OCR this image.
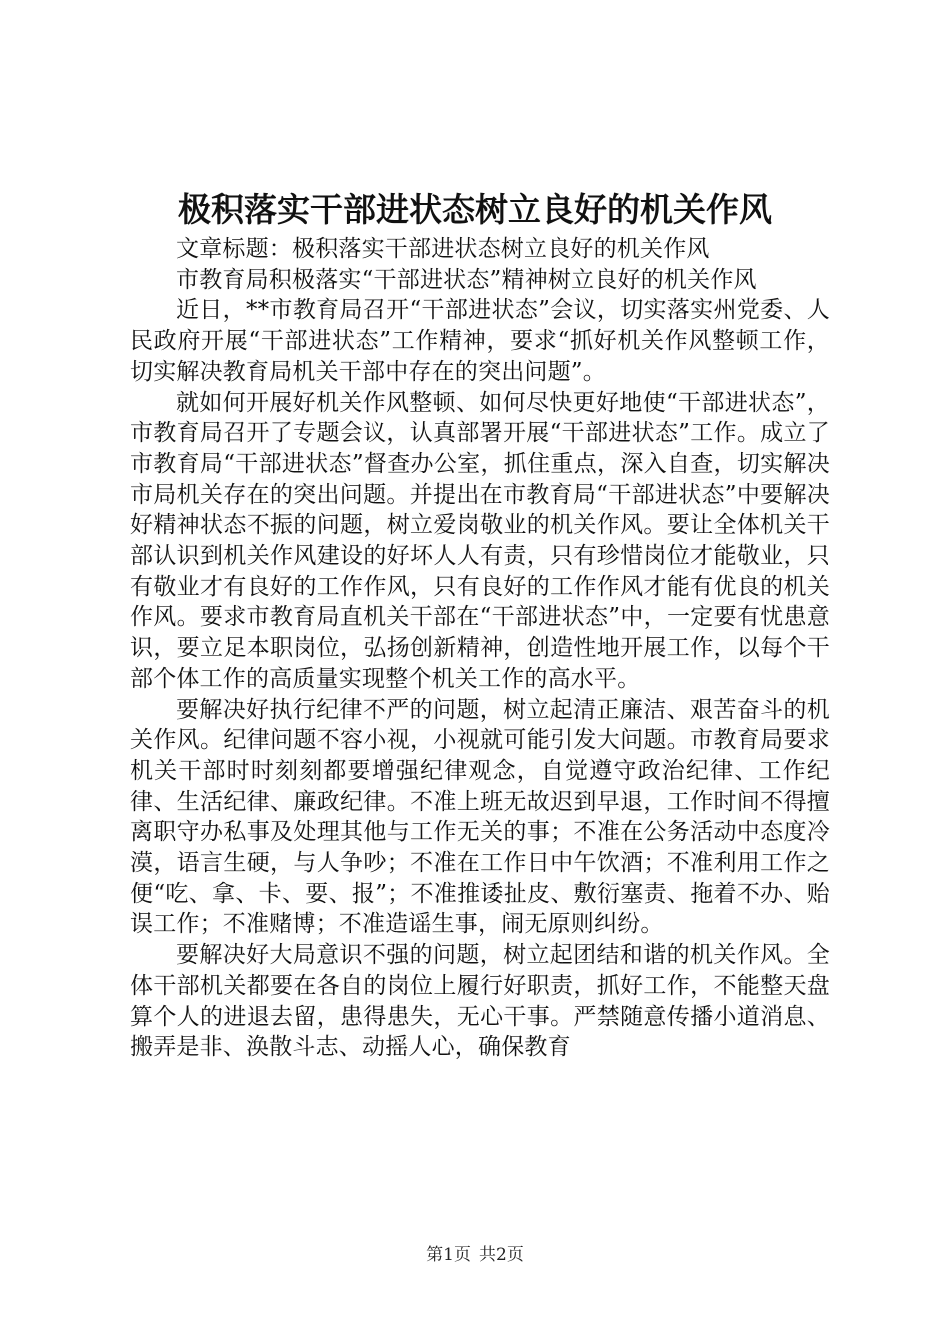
极积落实干部进状态树立良好的机关作风

文章标题：极积落实干部进状态树立良好的机关作风

市教育局积极落实“干部进状态”精神树立良好的机关作风

近日，**市教育局召开“干部进状态”会议，切实落实州党委、人民政府开展“干部进状态”工作精神，要求“抓好机关作风整顿工作，切实解决教育局机关干部中存在的突出问题”。

就如何开展好机关作风整顿、如何尽快更好地使“干部进状态”，市教育局召开了专题会议，认真部署开展“干部进状态”工作。成立了市教育局“干部进状态”督查办公室，抓住重点，深入自查，切实解决市局机关存在的突出问题。并提出在市教育局“干部进状态”中要解决好精神状态不振的问题，树立爱岗敬业的机关作风。要让全体机关干部认识到机关作风建设的好坏人人有责，只有珍惜岗位才能敬业，只有敬业才有良好的工作作风，只有良好的工作作风才能有优良的机关作风。要求市教育局直机关干部在“干部进状态”中，一定要有忧患意识，要立足本职岗位，弘扬创新精神，创造性地开展工作，以每个干部个体工作的高质量实现整个机关工作的高水平。

要解决好执行纪律不严的问题，树立起清正廉洁、艰苦奋斗的机关作风。纪律问题不容小视，小视就可能引发大问题。市教育局要求机关干部时时刻刻都要增强纪律观念，自觉遵守政治纪律、工作纪律、生活纪律、廉政纪律。不准上班无故迟到早退，工作时间不得擅离职守办私事及处理其他与工作无关的事；不准在公务活动中态度冷漠，语言生硬，与人争吵；不准在工作日中午饮酒；不准利用工作之便“吃、拿、卡、要、报”；不准推诿扯皮、敷衍塞责、拖着不办、贻误工作；不准赌博；不准造谣生事，闹无原则纠纷。

要解决好大局意识不强的问题，树立起团结和谐的机关作风。全体干部机关都要在各自的岗位上履行好职责，抓好工作，不能整天盘算个人的进退去留，患得患失，无心干事。严禁随意传播小道消息、搬弄是非、涣散斗志、动摇人心，确保教育

第1页 共2页
